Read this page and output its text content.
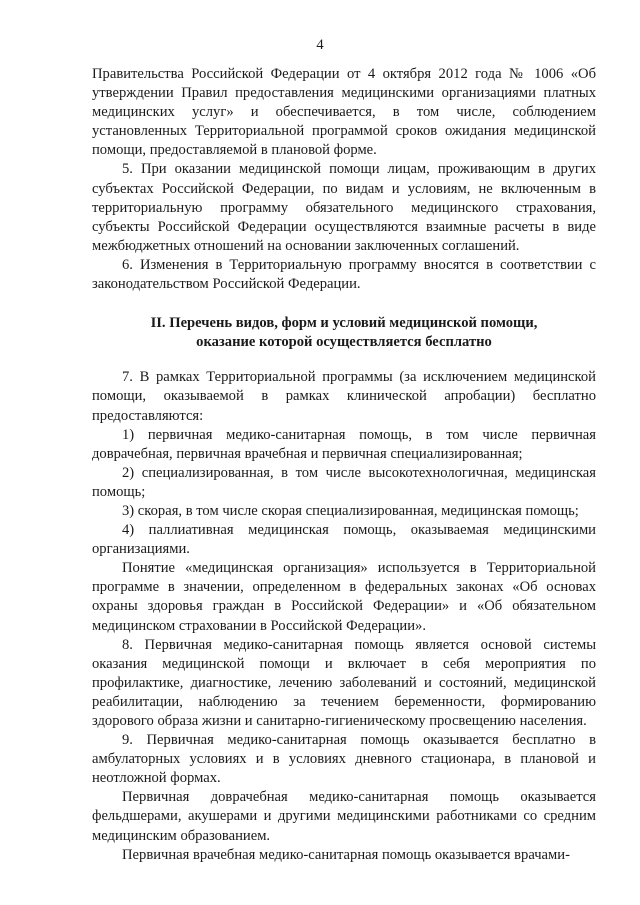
4

Правительства Российской Федерации от 4 октября 2012 года № 1006 «Об утверждении Правил предоставления медицинскими организациями платных медицинских услуг» и обеспечивается, в том числе, соблюдением установленных Территориальной программой сроков ожидания медицинской помощи, предоставляемой в плановой форме.

5. При оказании медицинской помощи лицам, проживающим в других субъектах Российской Федерации, по видам и условиям, не включенным в территориальную программу обязательного медицинского страхования, субъекты Российской Федерации осуществляются взаимные расчеты в виде межбюджетных отношений на основании заключенных соглашений.

6. Изменения в Территориальную программу вносятся в соответствии с законодательством Российской Федерации.

II. Перечень видов, форм и условий медицинской помощи,
оказание которой осуществляется бесплатно

7. В рамках Территориальной программы (за исключением медицинской помощи, оказываемой в рамках клинической апробации) бесплатно предоставляются:

1) первичная медико-санитарная помощь, в том числе первичная доврачебная, первичная врачебная и первичная специализированная;

2) специализированная, в том числе высокотехнологичная, медицинская помощь;

3) скорая, в том числе скорая специализированная, медицинская помощь;

4) паллиативная медицинская помощь, оказываемая медицинскими организациями.

Понятие «медицинская организация» используется в Территориальной программе в значении, определенном в федеральных законах «Об основах охраны здоровья граждан в Российской Федерации» и «Об обязательном медицинском страховании в Российской Федерации».

8. Первичная медико-санитарная помощь является основой системы оказания медицинской помощи и включает в себя мероприятия по профилактике, диагностике, лечению заболеваний и состояний, медицинской реабилитации, наблюдению за течением беременности, формированию здорового образа жизни и санитарно-гигиеническому просвещению населения.

9. Первичная медико-санитарная помощь оказывается бесплатно в амбулаторных условиях и в условиях дневного стационара, в плановой и неотложной формах.

Первичная доврачебная медико-санитарная помощь оказывается фельдшерами, акушерами и другими медицинскими работниками со средним медицинским образованием.

Первичная врачебная медико-санитарная помощь оказывается врачами-
